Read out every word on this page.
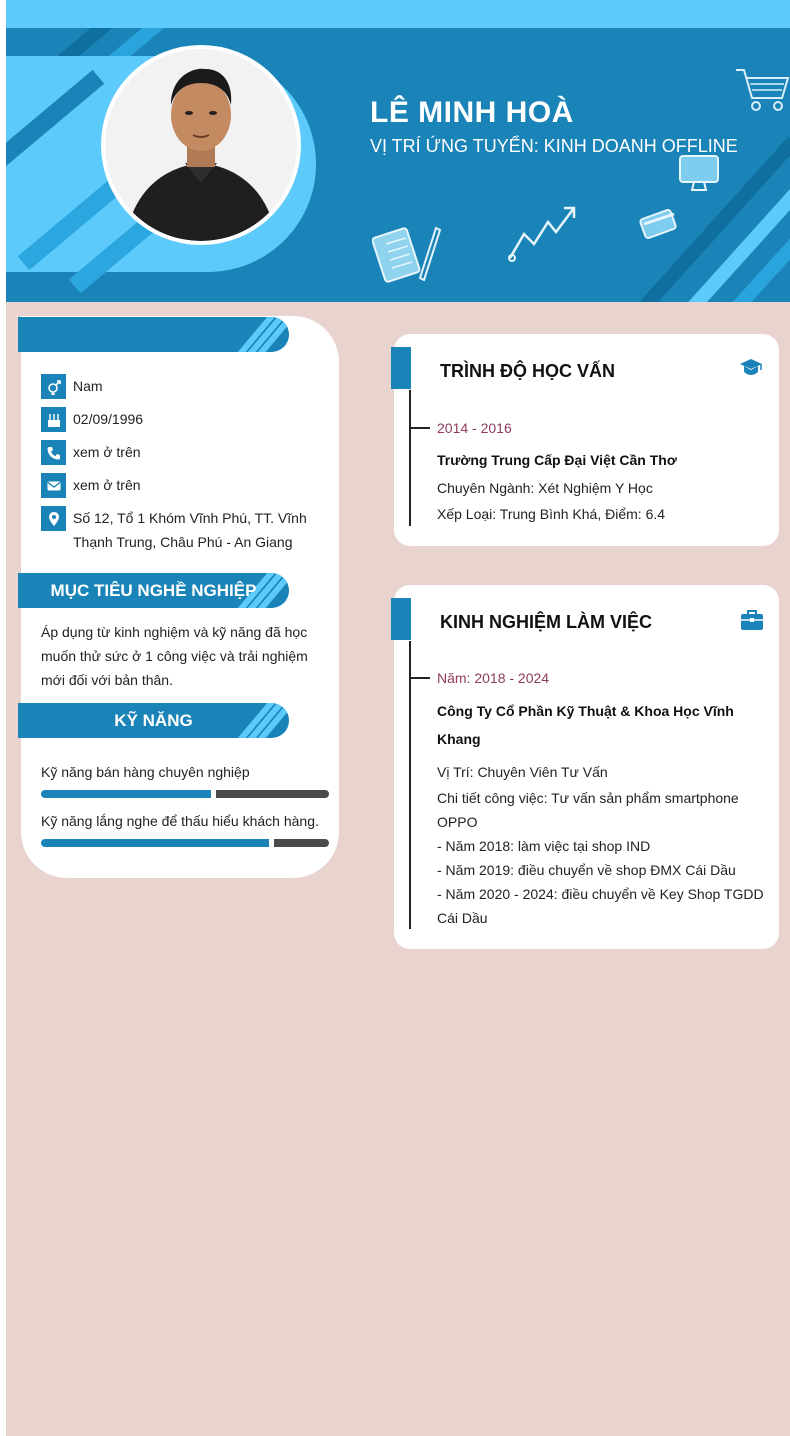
LÊ MINH HOÀ
VỊ TRÍ ỨNG TUYỂN: KINH DOANH OFFLINE
Nam
02/09/1996
xem ở trên
xem ở trên
Số 12, Tổ 1 Khóm Vĩnh Phú, TT. Vĩnh Thạnh Trung, Châu Phú - An Giang
MỤC TIÊU NGHỀ NGHIỆP
Áp dụng từ kinh nghiệm và kỹ năng đã học muốn thử sức ở 1 công việc và trải nghiệm mới đối với bản thân.
KỸ NĂNG
Kỹ năng bán hàng chuyên nghiệp
Kỹ năng lắng nghe để thấu hiểu khách hàng.
TRÌNH ĐỘ HỌC VẤN
2014 - 2016
Trường Trung Cấp Đại Việt Cần Thơ
Chuyên Ngành: Xét Nghiệm Y Học
Xếp Loại: Trung Bình Khá, Điểm: 6.4
KINH NGHIỆM LÀM VIỆC
Năm: 2018 - 2024
Công Ty Cổ Phần Kỹ Thuật & Khoa Học Vĩnh Khang
Vị Trí: Chuyên Viên Tư Vấn
Chi tiết công việc: Tư vấn sản phẩm smartphone OPPO
- Năm 2018: làm việc tại shop IND
- Năm 2019: điều chuyển về shop ĐMX Cái Dầu
- Năm 2020 - 2024: điều chuyển về Key Shop TGDD Cái Dầu
